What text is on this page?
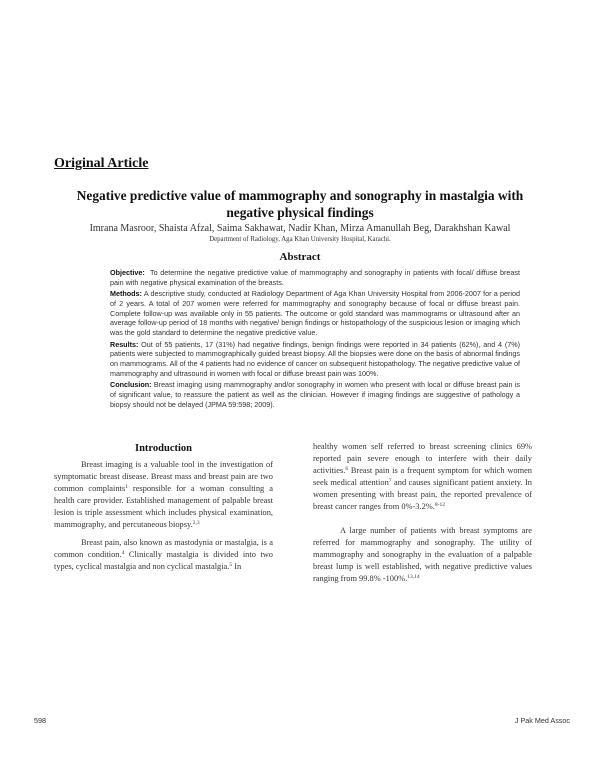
Original Article
Negative predictive value of mammography and sonography in mastalgia with negative physical findings
Imrana Masroor, Shaista Afzal, Saima Sakhawat, Nadir Khan, Mirza Amanullah Beg, Darakhshan Kawal
Department of Radiology, Aga Khan University Hospital, Karachi.
Abstract

Objective: To determine the negative predictive value of mammography and sonography in patients with focal/ diffuse breast pain with negative physical examination of the breasts.

Methods: A descriptive study, conducted at Radiology Department of Aga Khan University Hospital from 2006-2007 for a period of 2 years. A total of 207 women were referred for mammography and sonography because of focal or diffuse breast pain. Complete follow-up was available only in 55 patients. The outcome or gold standard was mammograms or ultrasound after an average follow-up period of 18 months with negative/ benign findings or histopathology of the suspicious lesion or imaging which was the gold standard to determine the negative predictive value.

Results: Out of 55 patients, 17 (31%) had negative findings, benign findings were reported in 34 patients (62%), and 4 (7%) patients were subjected to mammographically guided breast biopsy. All the biopsies were done on the basis of abnormal findings on mammograms. All of the 4 patients had no evidence of cancer on subsequent histopathology. The negative predictive value of mammography and ultrasound in women with focal or diffuse breast pain was 100%.

Conclusion: Breast imaging using mammography and/or sonography in women who present with local or diffuse breast pain is of significant value, to reassure the patient as well as the clinician. However if imaging findings are suggestive of pathology a biopsy should not be delayed (JPMA 59:598; 2009).

Introduction

Breast imaging is a valuable tool in the investigation of symptomatic breast disease. Breast mass and breast pain are two common complaints$^1$ responsible for a woman consulting a health care provider. Established management of palpable breast lesion is triple assessment which includes physical examination, mammography, and percutaneous biopsy.$^{2,3}$

Breast pain, also known as mastodynia or mastalgia, is a common condition.$^4$ Clinically mastalgia is divided into two types, cyclical mastalgia and non cyclical mastalgia.$^5$ In

healthy women self referred to breast screening clinics 69% reported pain severe enough to interfere with their daily activities.$^6$ Breast pain is a frequent symptom for which women seek medical attention$^7$ and causes significant patient anxiety. In women presenting with breast pain, the reported prevalence of breast cancer ranges from 0%-3.2%.$^{8-12}$

A large number of patients with breast symptoms are referred for mammography and sonography. The utility of mammography and sonography in the evaluation of a palpable breast lump is well established, with negative predictive values ranging from 99.8% -100%.$^{13,14}$

598	J Pak Med Assoc
